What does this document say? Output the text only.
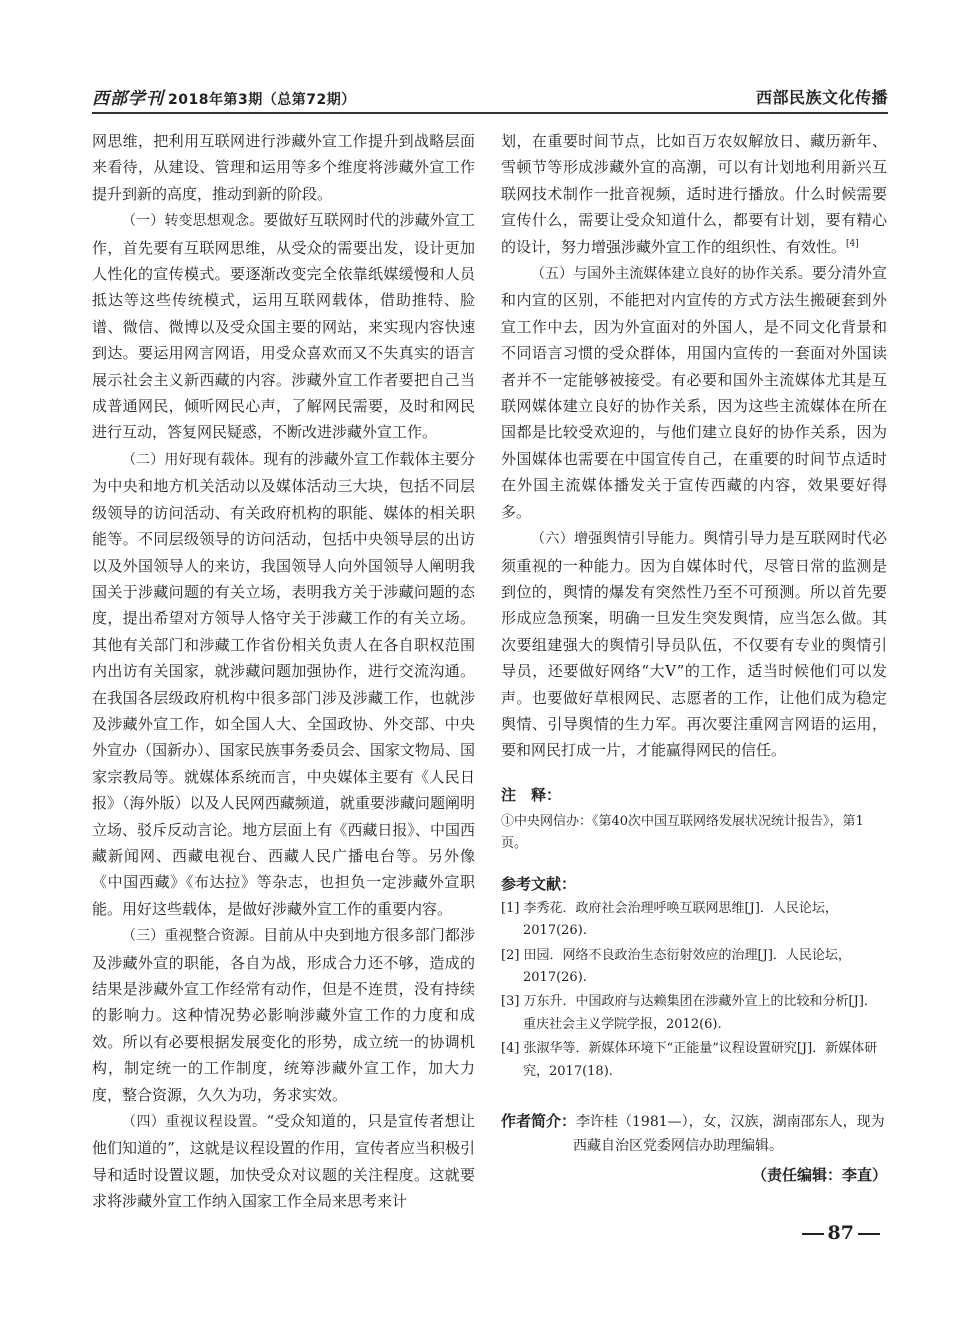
西部学刊 2018年第3期（总第72期）	西部民族文化传播

网思维，把利用互联网进行涉藏外宣工作提升到战略层面来看待，从建设、管理和运用等多个维度将涉藏外宣工作提升到新的高度，推动到新的阶段。

（一）转变思想观念。要做好互联网时代的涉藏外宣工作，首先要有互联网思维，从受众的需要出发，设计更加人性化的宣传模式。要逐渐改变完全依靠纸媒缓慢和人员抵达等这些传统模式，运用互联网载体，借助推特、脸谱、微信、微博以及受众国主要的网站，来实现内容快速到达。要运用网言网语，用受众喜欢而又不失真实的语言展示社会主义新西藏的内容。涉藏外宣工作者要把自己当成普通网民，倾听网民心声，了解网民需要，及时和网民进行互动，答复网民疑惑，不断改进涉藏外宣工作。

（二）用好现有载体。现有的涉藏外宣工作载体主要分为中央和地方机关活动以及媒体活动三大块，包括不同层级领导的访问活动、有关政府机构的职能、媒体的相关职能等。不同层级领导的访问活动，包括中央领导层的出访以及外国领导人的来访，我国领导人向外国领导人阐明我国关于涉藏问题的有关立场，表明我方关于涉藏问题的态度，提出希望对方领导人恪守关于涉藏工作的有关立场。其他有关部门和涉藏工作省份相关负责人在各自职权范围内出访有关国家，就涉藏问题加强协作，进行交流沟通。在我国各层级政府机构中很多部门涉及涉藏工作，也就涉及涉藏外宣工作，如全国人大、全国政协、外交部、中央外宣办（国新办）、国家民族事务委员会、国家文物局、国家宗教局等。就媒体系统而言，中央媒体主要有《人民日报》（海外版）以及人民网西藏频道，就重要涉藏问题阐明立场、驳斥反动言论。地方层面上有《西藏日报》、中国西藏新闻网、西藏电视台、西藏人民广播电台等。另外像《中国西藏》《布达拉》等杂志，也担负一定涉藏外宣职能。用好这些载体，是做好涉藏外宣工作的重要内容。

（三）重视整合资源。目前从中央到地方很多部门都涉及涉藏外宣的职能，各自为战，形成合力还不够，造成的结果是涉藏外宣工作经常有动作，但是不连贯，没有持续的影响力。这种情况势必影响涉藏外宣工作的力度和成效。所以有必要根据发展变化的形势，成立统一的协调机构，制定统一的工作制度，统筹涉藏外宣工作，加大力度，整合资源，久久为功，务求实效。

（四）重视议程设置。“受众知道的，只是宣传者想让他们知道的”，这就是议程设置的作用，宣传者应当积极引导和适时设置议题，加快受众对议题的关注程度。这就要求将涉藏外宣工作纳入国家工作全局来思考来计

划，在重要时间节点，比如百万农奴解放日、藏历新年、雪顿节等形成涉藏外宣的高潮，可以有计划地利用新兴互联网技术制作一批音视频，适时进行播放。什么时候需要宣传什么，需要让受众知道什么，都要有计划，要有精心的设计，努力增强涉藏外宣工作的组织性、有效性。[4]

（五）与国外主流媒体建立良好的协作关系。要分清外宣和内宣的区别，不能把对内宣传的方式方法生搬硬套到外宣工作中去，因为外宣面对的外国人，是不同文化背景和不同语言习惯的受众群体，用国内宣传的一套面对外国读者并不一定能够被接受。有必要和国外主流媒体尤其是互联网媒体建立良好的协作关系，因为这些主流媒体在所在国都是比较受欢迎的，与他们建立良好的协作关系，因为外国媒体也需要在中国宣传自己，在重要的时间节点适时在外国主流媒体播发关于宣传西藏的内容，效果要好得多。

（六）增强舆情引导能力。舆情引导力是互联网时代必须重视的一种能力。因为自媒体时代，尽管日常的监测是到位的，舆情的爆发有突然性乃至不可预测。所以首先要形成应急预案，明确一旦发生突发舆情，应当怎么做。其次要组建强大的舆情引导员队伍，不仅要有专业的舆情引导员，还要做好网络“大V”的工作，适当时候他们可以发声。也要做好草根网民、志愿者的工作，让他们成为稳定舆情、引导舆情的生力军。再次要注重网言网语的运用，要和网民打成一片，才能赢得网民的信任。

注　释：
①中央网信办：《第40次中国互联网络发展状况统计报告》，第1页。
参考文献：
[1] 李秀花．政府社会治理呼唤互联网思维[J]．人民论坛，2017(26).
[2] 田园．网络不良政治生态衍射效应的治理[J]．人民论坛，2017(26).
[3] 万东升．中国政府与达赖集团在涉藏外宣上的比较和分析[J]．重庆社会主义学院学报，2012(6).
[4] 张淑华等．新媒体环境下“正能量”议程设置研究[J]．新媒体研究，2017(18).
作者简介：李许桂（1981—），女，汉族，湖南邵东人，现为西藏自治区党委网信办助理编辑。
（责任编辑：李直）
87
